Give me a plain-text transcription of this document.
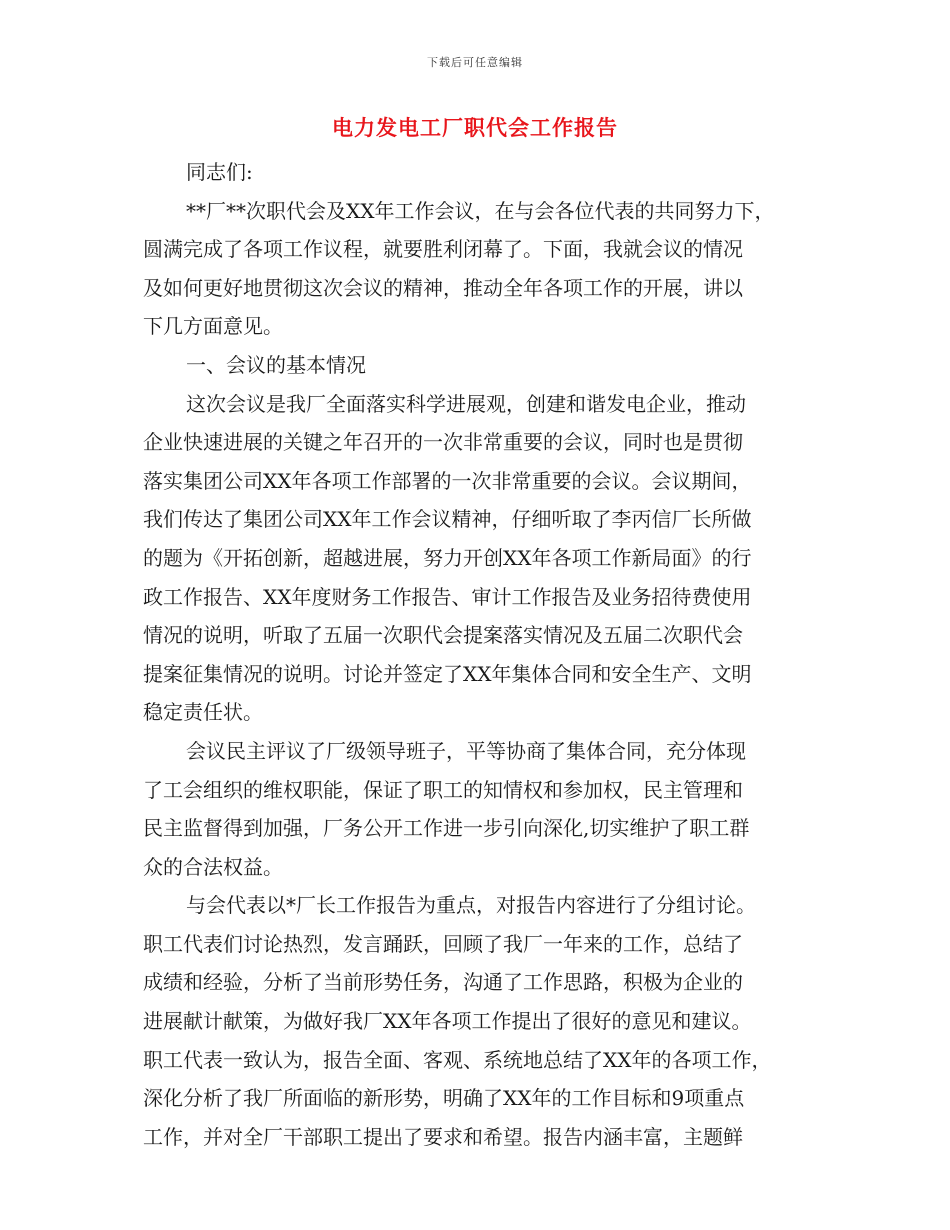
下载后可任意编辑
电力发电工厂职代会工作报告
同志们:
**厂**次职代会及XX年工作会议，在与会各位代表的共同努力下，
圆满完成了各项工作议程，就要胜利闭幕了。下面，我就会议的情况
及如何更好地贯彻这次会议的精神，推动全年各项工作的开展，讲以
下几方面意见。
一、会议的基本情况
这次会议是我厂全面落实科学进展观，创建和谐发电企业，推动
企业快速进展的关键之年召开的一次非常重要的会议，同时也是贯彻
落实集团公司XX年各项工作部署的一次非常重要的会议。会议期间，
我们传达了集团公司XX年工作会议精神，仔细听取了李丙信厂长所做
的题为《开拓创新，超越进展，努力开创XX年各项工作新局面》的行
政工作报告、XX年度财务工作报告、审计工作报告及业务招待费使用
情况的说明，听取了五届一次职代会提案落实情况及五届二次职代会
提案征集情况的说明。讨论并签定了XX年集体合同和安全生产、文明
稳定责任状。
会议民主评议了厂级领导班子，平等协商了集体合同，充分体现
了工会组织的维权职能，保证了职工的知情权和参加权，民主管理和
民主监督得到加强，厂务公开工作进一步引向深化,切实维护了职工群
众的合法权益。
与会代表以*厂长工作报告为重点，对报告内容进行了分组讨论。
职工代表们讨论热烈，发言踊跃，回顾了我厂一年来的工作，总结了
成绩和经验，分析了当前形势任务，沟通了工作思路，积极为企业的
进展献计献策，为做好我厂XX年各项工作提出了很好的意见和建议。
职工代表一致认为，报告全面、客观、系统地总结了XX年的各项工作，
深化分析了我厂所面临的新形势，明确了XX年的工作目标和9项重点
工作，并对全厂干部职工提出了要求和希望。报告内涵丰富，主题鲜
